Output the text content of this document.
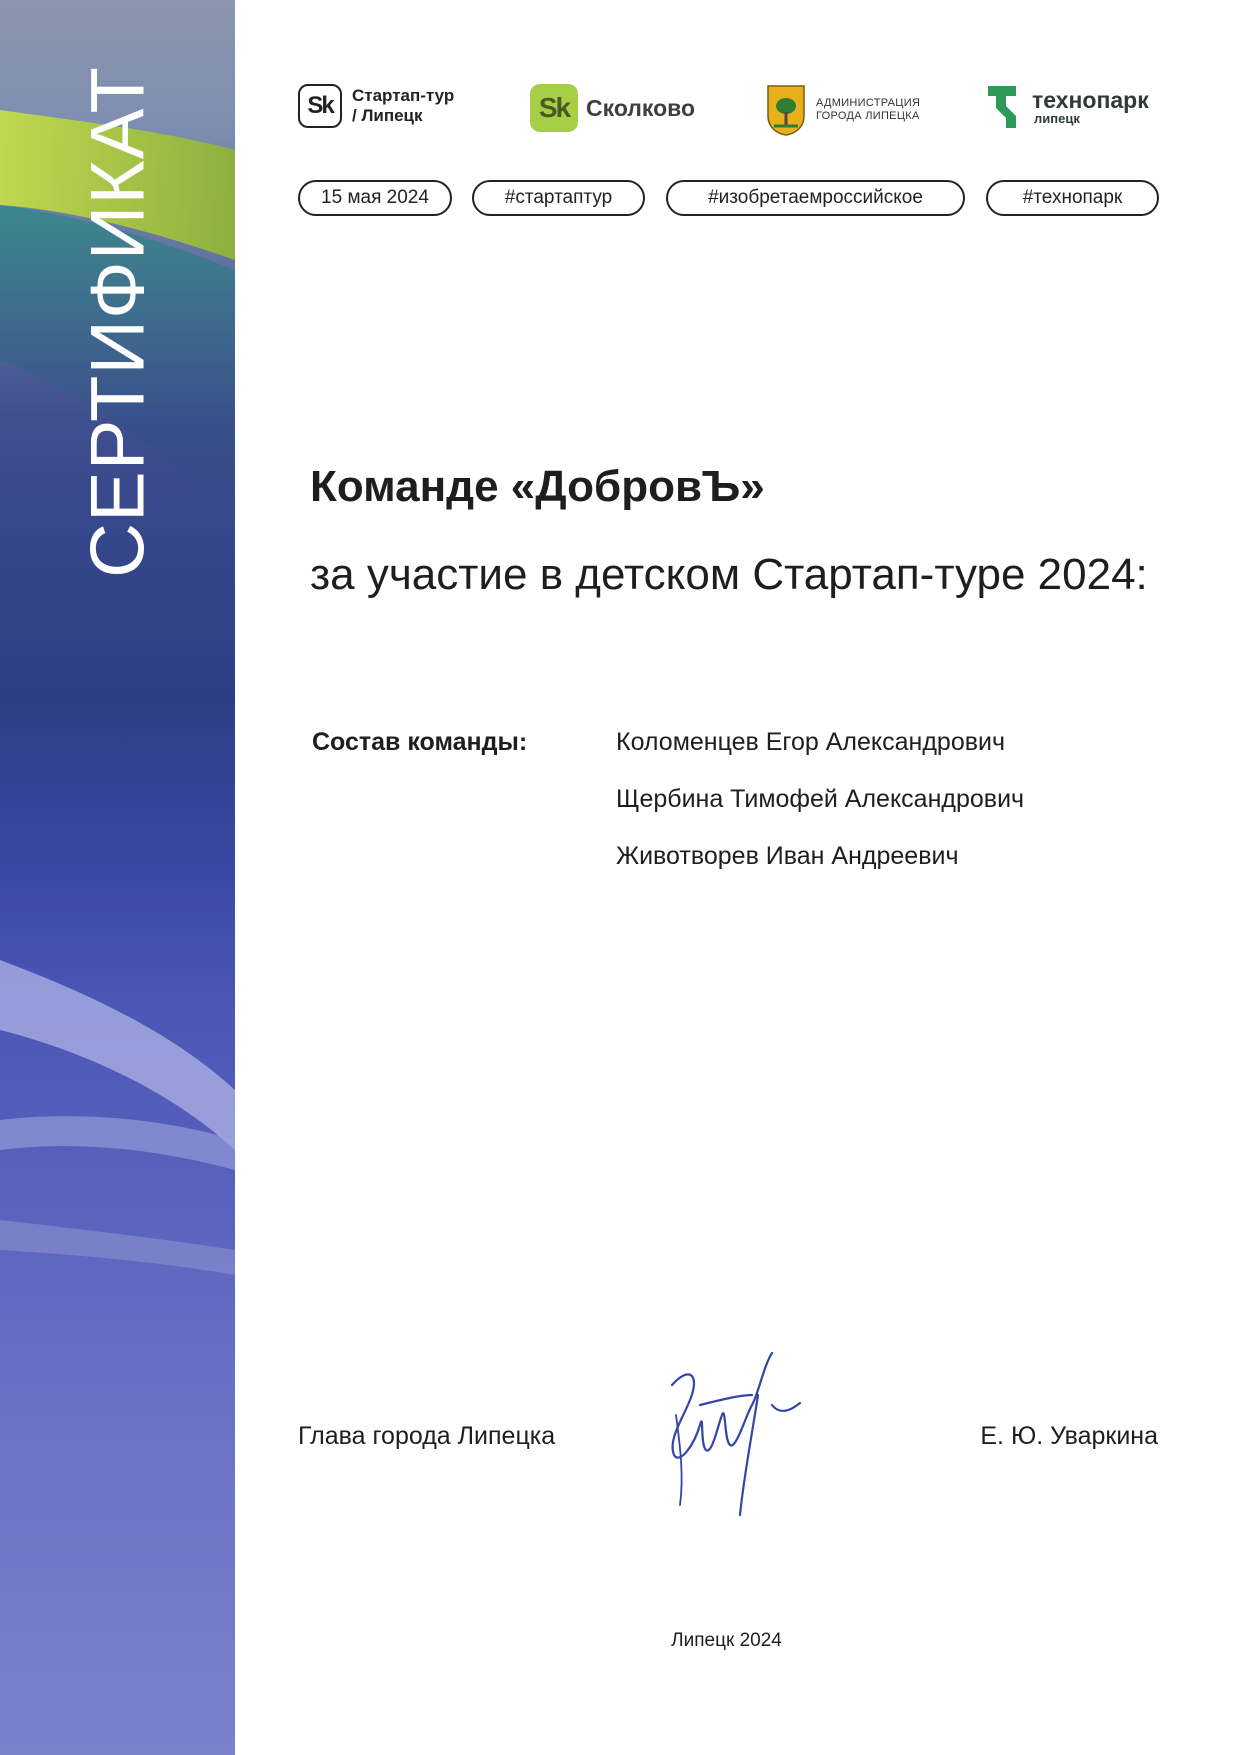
СЕРТИФИКАТ	Sk	Стартап-тур
/ Липецк	Sk Сколково	АДМИНИСТРАЦИЯ
ГОРОДА ЛИПЕЦКА
технопарк
липецк
15 мая 2024	#стартаптур	#изобретаемроссийское	#технопарк
Команде «ДобровЪ»
за участие в детском Стартап-туре 2024:
Состав команды:	Коломенцев Егор Александрович
Щербина Тимофей Александрович
Животворев Иван Андреевич
Глава города Липецка	Е. Ю. Уваркина
Липецк 2024
